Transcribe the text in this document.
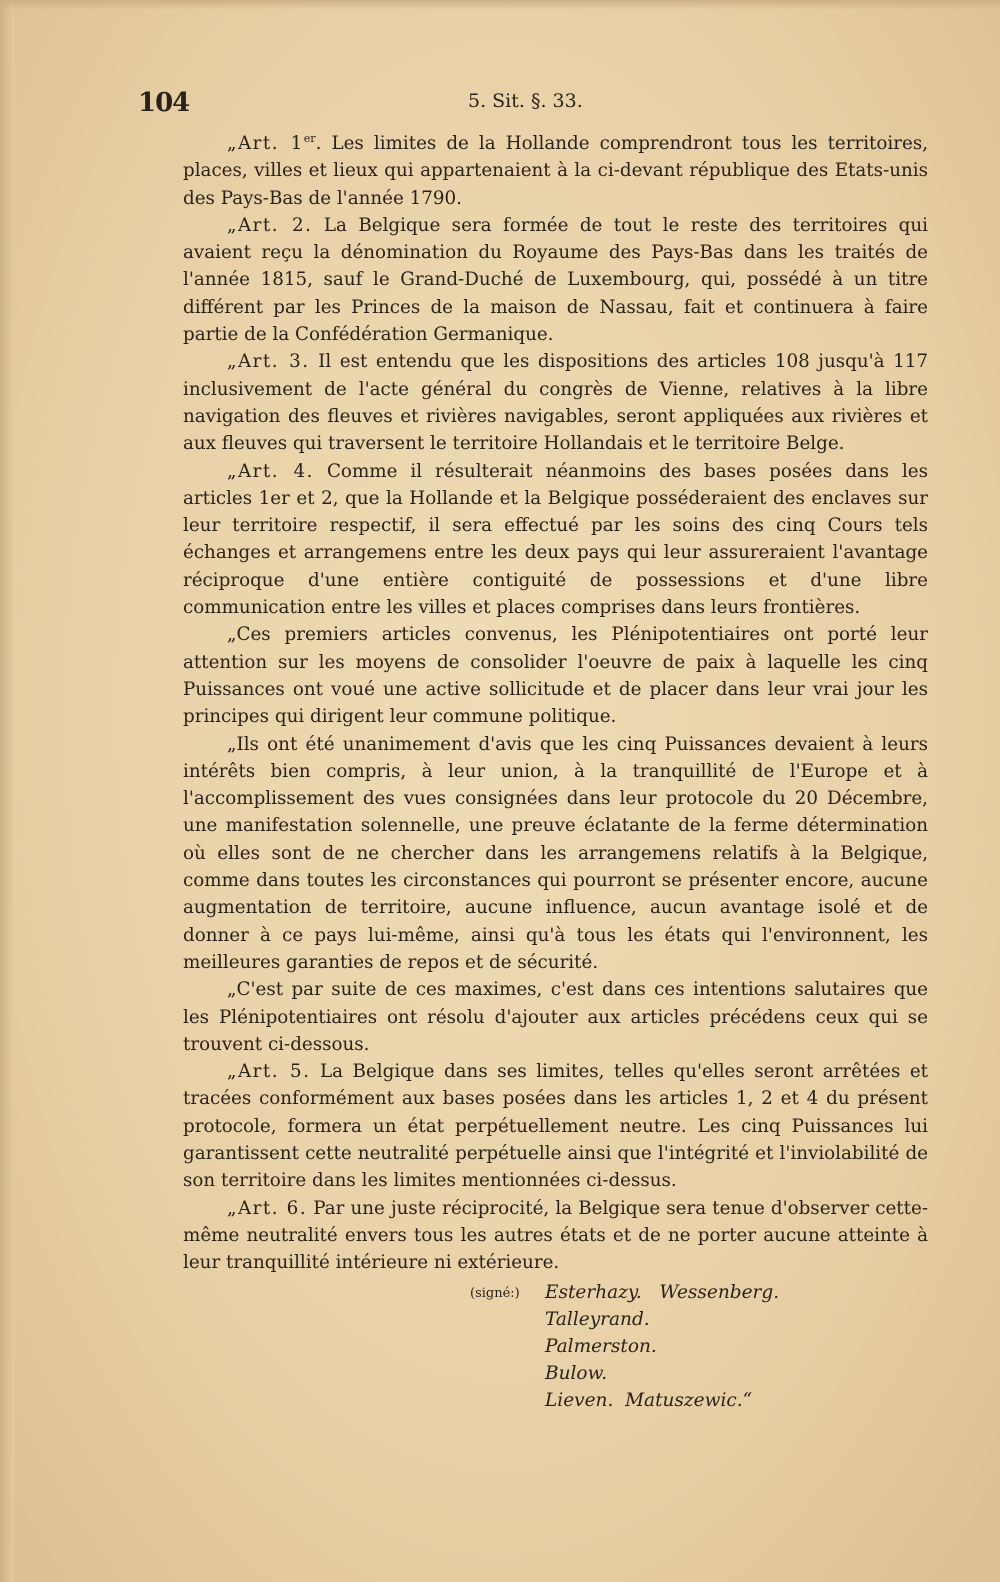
104	5. Sit. §. 33.

„Art. 1er. Les limites de la Hollande comprendront tous les territoires, places, villes et lieux qui appartenaient à la ci-devant république des Etats-unis des Pays-Bas de l'année 1790.

„Art. 2. La Belgique sera formée de tout le reste des territoires qui avaient reçu la dénomination du Royaume des Pays-Bas dans les traités de l'année 1815, sauf le Grand-Duché de Luxembourg, qui, possédé à un titre différent par les Princes de la maison de Nassau, fait et continuera à faire partie de la Confédération Germanique.

„Art. 3. Il est entendu que les dispositions des articles 108 jusqu'à 117 inclusivement de l'acte général du congrès de Vienne, relatives à la libre navigation des fleuves et rivières navigables, seront appliquées aux rivières et aux fleuves qui traversent le territoire Hollandais et le territoire Belge.

„Art. 4. Comme il résulterait néanmoins des bases posées dans les articles 1er et 2, que la Hollande et la Belgique posséderaient des enclaves sur leur territoire respectif, il sera effectué par les soins des cinq Cours tels échanges et arrangemens entre les deux pays qui leur assureraient l'avantage réciproque d'une entière contiguité de possessions et d'une libre communication entre les villes et places comprises dans leurs frontières.

„Ces premiers articles convenus, les Plénipotentiaires ont porté leur attention sur les moyens de consolider l'oeuvre de paix à laquelle les cinq Puissances ont voué une active sollicitude et de placer dans leur vrai jour les principes qui dirigent leur commune politique.

„Ils ont été unanimement d'avis que les cinq Puissances devaient à leurs intérêts bien compris, à leur union, à la tranquillité de l'Europe et à l'accomplissement des vues consignées dans leur protocole du 20 Décembre, une manifestation solennelle, une preuve éclatante de la ferme détermination où elles sont de ne chercher dans les arrangemens relatifs à la Belgique, comme dans toutes les circonstances qui pourront se présenter encore, aucune augmentation de territoire, aucune influence, aucun avantage isolé et de donner à ce pays lui-même, ainsi qu'à tous les états qui l'environnent, les meilleures garanties de repos et de sécurité.

„C'est par suite de ces maximes, c'est dans ces intentions salutaires que les Plénipotentiaires ont résolu d'ajouter aux articles précédens ceux qui se trouvent ci-dessous.

„Art. 5. La Belgique dans ses limites, telles qu'elles seront arrêtées et tracées conformément aux bases posées dans les articles 1, 2 et 4 du présent protocole, formera un état perpétuellement neutre. Les cinq Puissances lui garantissent cette neutralité perpétuelle ainsi que l'intégrité et l'inviolabilité de son territoire dans les limites mentionnées ci-dessus.

„Art. 6. Par une juste réciprocité, la Belgique sera tenue d'observer cette-même neutralité envers tous les autres états et de ne porter aucune atteinte à leur tranquillité intérieure ni extérieure.

(signé:) Esterhazy.   Wessenberg.
Talleyrand.
Palmerston.
Bulow.
Lieven.  Matuszewic.“
